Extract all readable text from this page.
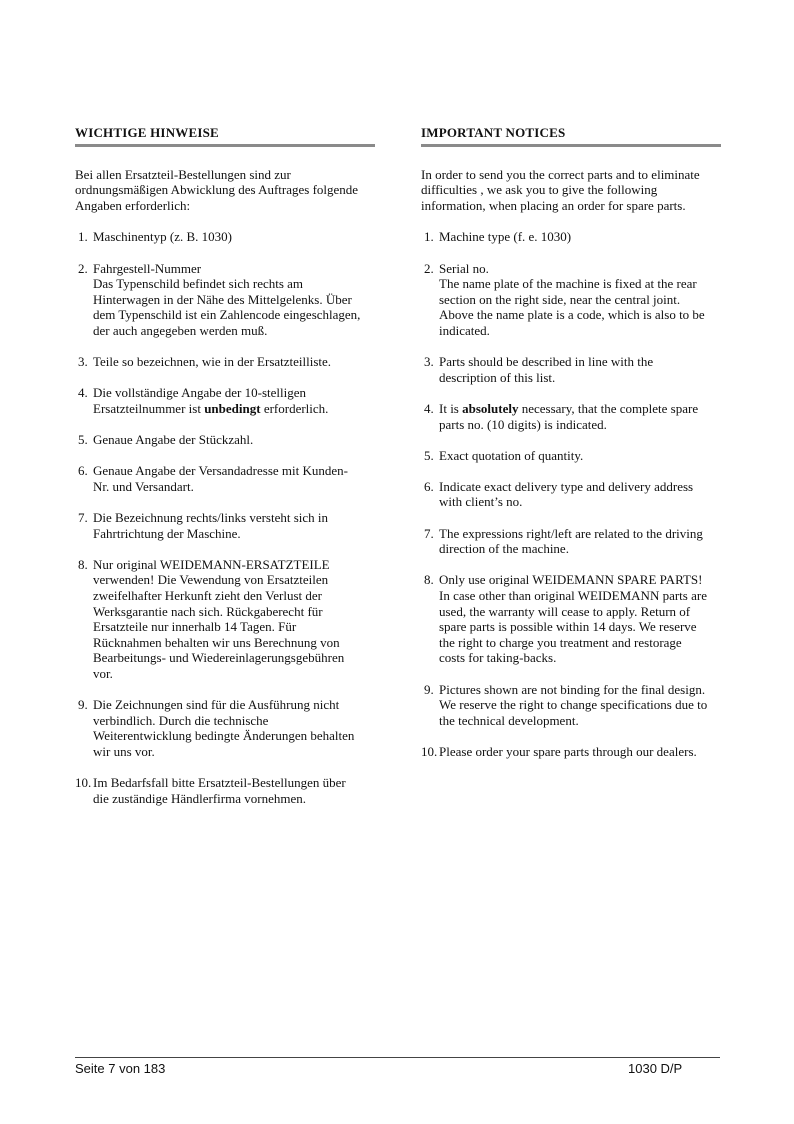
WICHTIGE HINWEISE
Bei allen Ersatzteil-Bestellungen sind zur
ordnungsmäßigen Abwicklung des Auftrages folgende
Angaben erforderlich:
1. Maschinentyp (z. B. 1030)
2. Fahrgestell-Nummer
Das Typenschild befindet sich rechts am
Hinterwagen in der Nähe des Mittelgelenks. Über
dem Typenschild ist ein Zahlencode eingeschlagen,
der auch angegeben werden muß.
3. Teile so bezeichnen, wie in der Ersatzteilliste.
4. Die vollständige Angabe der 10-stelligen
Ersatzteilnummer ist unbedingt erforderlich.
5. Genaue Angabe der Stückzahl.
6. Genaue Angabe der Versandadresse mit Kunden-
Nr. und Versandart.
7. Die Bezeichnung rechts/links versteht sich in
Fahrtrichtung der Maschine.
8. Nur original WEIDEMANN-ERSATZTEILE
verwenden! Die Vewendung von Ersatzteilen
zweifelhafter Herkunft zieht den Verlust der
Werksgarantie nach sich. Rückgaberecht für
Ersatzteile nur innerhalb 14 Tagen. Für
Rücknahmen behalten wir uns Berechnung von
Bearbeitungs- und Wiedereinlagerungsgebühren
vor.
9. Die Zeichnungen sind für die Ausführung nicht
verbindlich. Durch die technische
Weiterentwicklung bedingte Änderungen behalten
wir uns vor.
10. Im Bedarfsfall bitte Ersatzteil-Bestellungen über
die zuständige Händlerfirma vornehmen.
IMPORTANT NOTICES
In order to send you the correct parts and to eliminate
difficulties , we ask you to give the following
information, when placing an order for spare parts.
1. Machine type (f. e. 1030)
2. Serial no.
The name plate of the machine is fixed at the rear
section on the right side, near the central joint.
Above the name plate is a code, which is also to be
indicated.
3. Parts should be described in line with the
description of this list.
4. It is absolutely necessary, that the complete spare
parts no. (10 digits) is indicated.
5. Exact quotation of quantity.
6. Indicate exact delivery type and delivery address
with client’s no.
7. The expressions right/left are related to the driving
direction of the machine.
8. Only use original WEIDEMANN SPARE PARTS!
In case other than original WEIDEMANN parts are
used, the warranty will cease to apply. Return of
spare parts is possible within 14 days. We reserve
the right to charge you treatment and restorage
costs for taking-backs.
9. Pictures shown are not binding for the final design.
We reserve the right to change specifications due to
the technical development.
10. Please order your spare parts through our dealers.
Seite 7 von 183	1030 D/P
